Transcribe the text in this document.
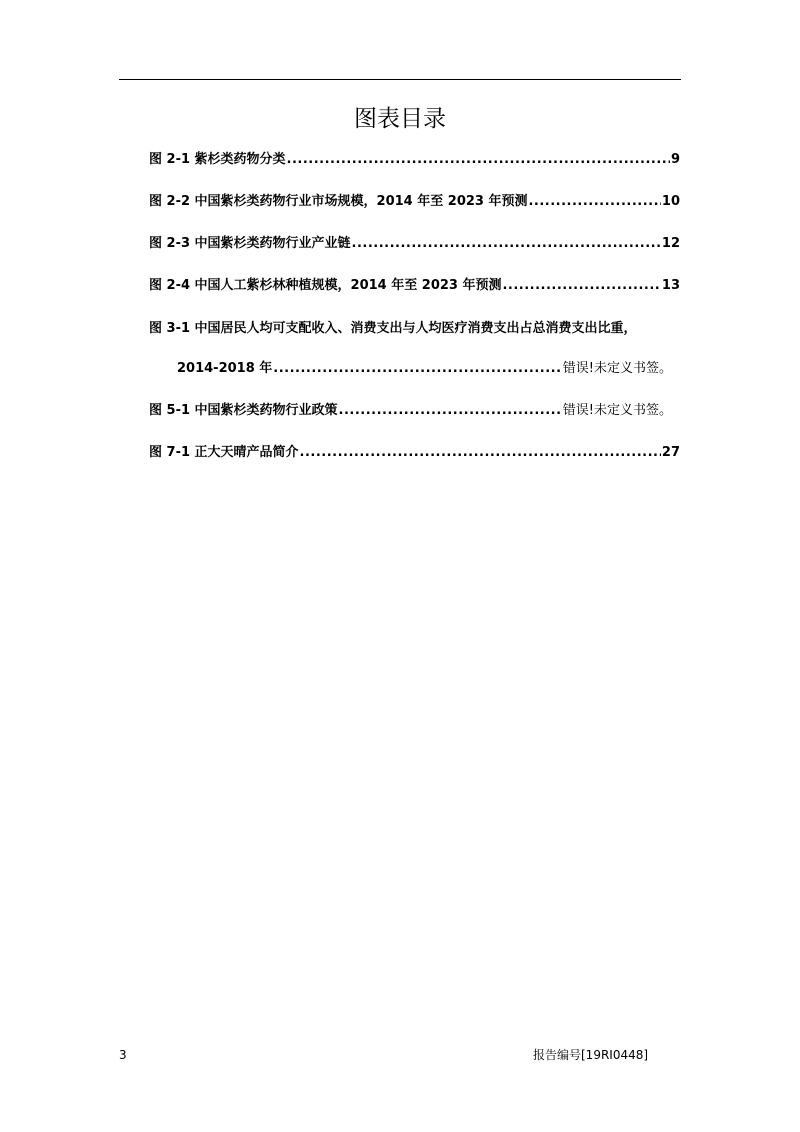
图表目录
图 2-1 紫杉类药物分类 .....	9
图 2-2 中国紫杉类药物行业市场规模，2014 年至 2023 年预测 .....	10
图 2-3 中国紫杉类药物行业产业链 .....	12
图 2-4 中国人工紫杉林种植规模，2014 年至 2023 年预测 .....	13
图 3-1 中国居民人均可支配收入、消费支出与人均医疗消费支出占总消费支出比重，
2014-2018 年 .....	错误!未定义书签。
图 5-1 中国紫杉类药物行业政策 .....	错误!未定义书签。
图 7-1 正大天晴产品简介 .....	27
3	报告编号[19RI0448]
